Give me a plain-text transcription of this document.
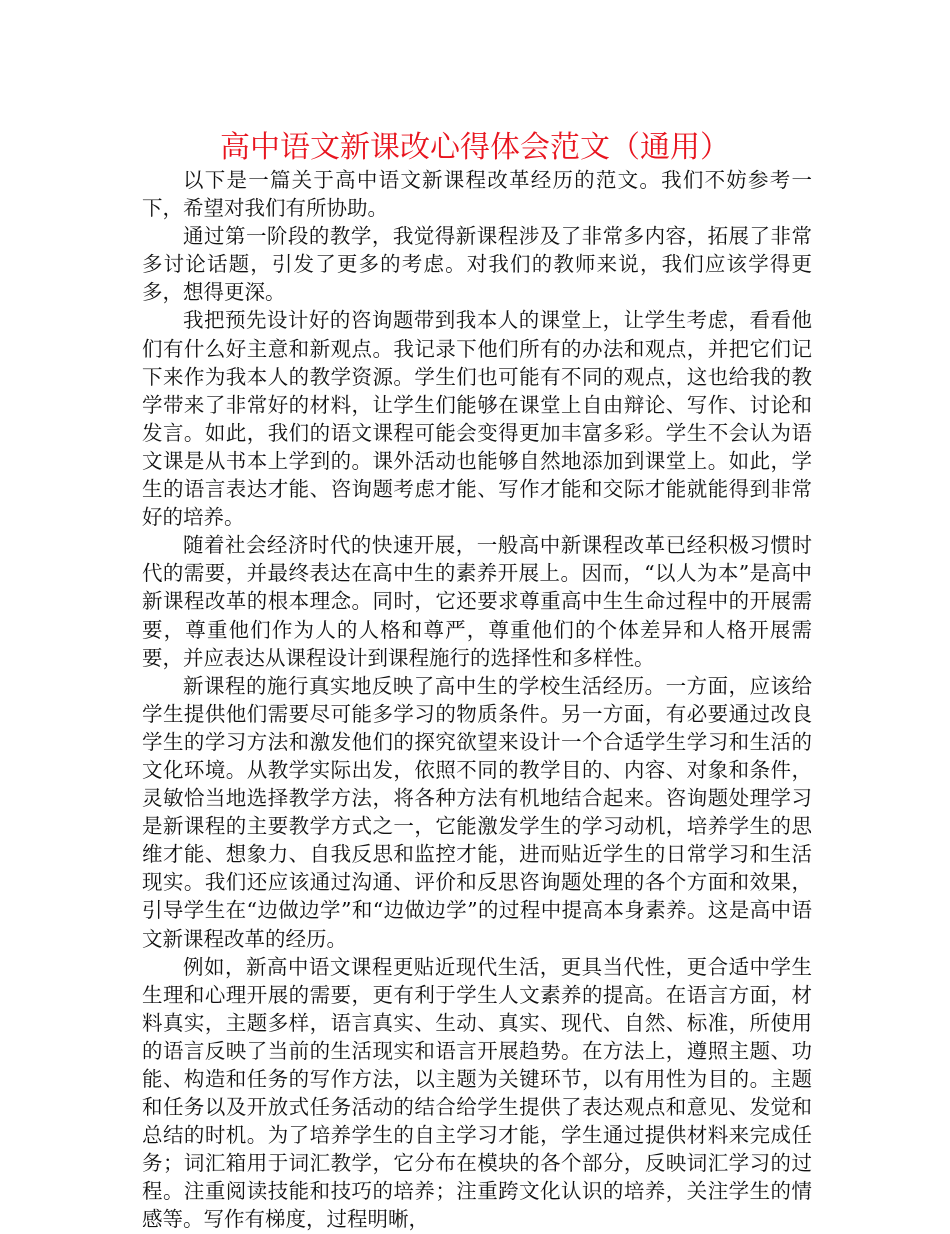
高中语文新课改心得体会范文（通用）

以下是一篇关于高中语文新课程改革经历的范文。我们不妨参考一下，希望对我们有所协助。

通过第一阶段的教学，我觉得新课程涉及了非常多内容，拓展了非常多讨论话题，引发了更多的考虑。对我们的教师来说，我们应该学得更多，想得更深。

我把预先设计好的咨询题带到我本人的课堂上，让学生考虑，看看他们有什么好主意和新观点。我记录下他们所有的办法和观点，并把它们记下来作为我本人的教学资源。学生们也可能有不同的观点，这也给我的教学带来了非常好的材料，让学生们能够在课堂上自由辩论、写作、讨论和发言。如此，我们的语文课程可能会变得更加丰富多彩。学生不会认为语文课是从书本上学到的。课外活动也能够自然地添加到课堂上。如此，学生的语言表达才能、咨询题考虑才能、写作才能和交际才能就能得到非常好的培养。

随着社会经济时代的快速开展，一般高中新课程改革已经积极习惯时代的需要，并最终表达在高中生的素养开展上。因而，“以人为本”是高中新课程改革的根本理念。同时，它还要求尊重高中生生命过程中的开展需要，尊重他们作为人的人格和尊严，尊重他们的个体差异和人格开展需要，并应表达从课程设计到课程施行的选择性和多样性。

新课程的施行真实地反映了高中生的学校生活经历。一方面，应该给学生提供他们需要尽可能多学习的物质条件。另一方面，有必要通过改良学生的学习方法和激发他们的探究欲望来设计一个合适学生学习和生活的文化环境。从教学实际出发，依照不同的教学目的、内容、对象和条件，灵敏恰当地选择教学方法，将各种方法有机地结合起来。咨询题处理学习是新课程的主要教学方式之一，它能激发学生的学习动机，培养学生的思维才能、想象力、自我反思和监控才能，进而贴近学生的日常学习和生活现实。我们还应该通过沟通、评价和反思咨询题处理的各个方面和效果，引导学生在“边做边学”和“边做边学”的过程中提高本身素养。这是高中语文新课程改革的经历。

例如，新高中语文课程更贴近现代生活，更具当代性，更合适中学生生理和心理开展的需要，更有利于学生人文素养的提高。在语言方面，材料真实，主题多样，语言真实、生动、真实、现代、自然、标准，所使用的语言反映了当前的生活现实和语言开展趋势。在方法上，遵照主题、功能、构造和任务的写作方法，以主题为关键环节，以有用性为目的。主题和任务以及开放式任务活动的结合给学生提供了表达观点和意见、发觉和总结的时机。为了培养学生的自主学习才能，学生通过提供材料来完成任务；词汇箱用于词汇教学，它分布在模块的各个部分，反映词汇学习的过程。注重阅读技能和技巧的培养；注重跨文化认识的培养，关注学生的情感等。写作有梯度，过程明晰，
